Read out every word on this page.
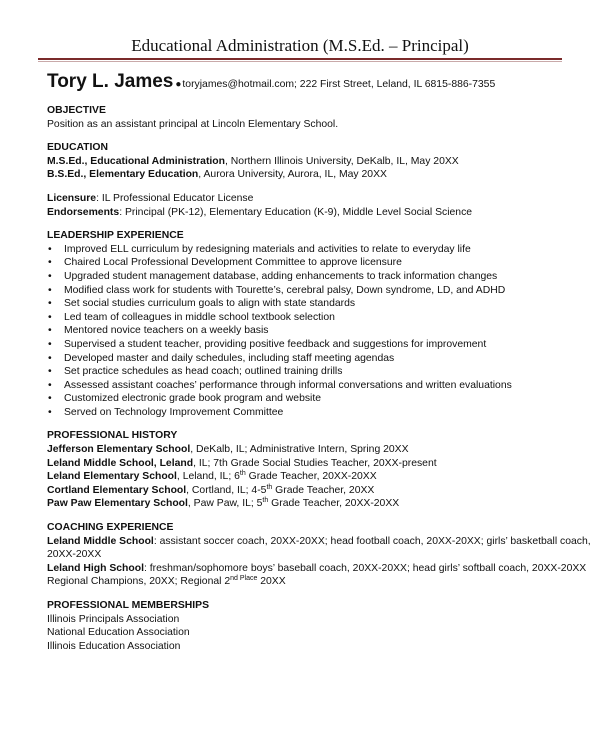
Educational Administration (M.S.Ed. – Principal)
Tory L. James ●toryjames@hotmail.com; 222 First Street, Leland, IL 6815-886-7355
OBJECTIVE
Position as an assistant principal at Lincoln Elementary School.
EDUCATION
M.S.Ed., Educational Administration, Northern Illinois University, DeKalb, IL, May 20XX
B.S.Ed., Elementary Education, Aurora University, Aurora, IL, May 20XX
Licensure: IL Professional Educator License
Endorsements: Principal (PK-12), Elementary Education (K-9), Middle Level Social Science
LEADERSHIP EXPERIENCE
• Improved ELL curriculum by redesigning materials and activities to relate to everyday life
• Chaired Local Professional Development Committee to approve licensure
• Upgraded student management database, adding enhancements to track information changes
• Modified class work for students with Tourette’s, cerebral palsy, Down syndrome, LD, and ADHD
• Set social studies curriculum goals to align with state standards
• Led team of colleagues in middle school textbook selection
• Mentored novice teachers on a weekly basis
• Supervised a student teacher, providing positive feedback and suggestions for improvement
• Developed master and daily schedules, including staff meeting agendas
• Set practice schedules as head coach; outlined training drills
• Assessed assistant coaches’ performance through informal conversations and written evaluations
• Customized electronic grade book program and website
• Served on Technology Improvement Committee
PROFESSIONAL HISTORY
Jefferson Elementary School, DeKalb, IL; Administrative Intern, Spring 20XX
Leland Middle School, Leland, IL; 7th Grade Social Studies Teacher, 20XX-present
Leland Elementary School, Leland, IL; 6th Grade Teacher, 20XX-20XX
Cortland Elementary School, Cortland, IL; 4-5th Grade Teacher, 20XX
Paw Paw Elementary School, Paw Paw, IL; 5th Grade Teacher, 20XX-20XX
COACHING EXPERIENCE
Leland Middle School: assistant soccer coach, 20XX-20XX; head football coach, 20XX-20XX; girls’ basketball coach,
20XX-20XX
Leland High School: freshman/sophomore boys’ baseball coach, 20XX-20XX; head girls’ softball coach, 20XX-20XX
Regional Champions, 20XX; Regional $2^{nd Place}$ 20XX
PROFESSIONAL MEMBERSHIPS
Illinois Principals Association
National Education Association
Illinois Education Association
